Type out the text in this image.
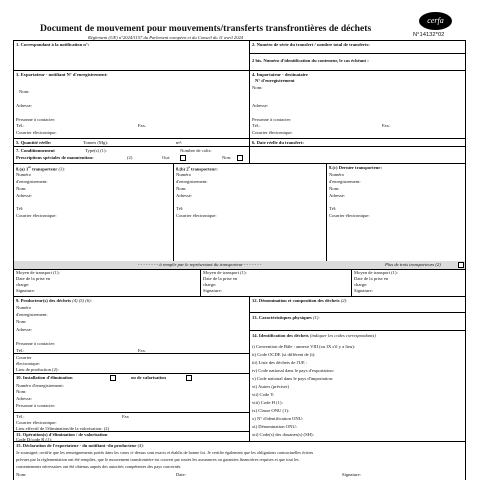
Document de mouvement pour mouvements/transferts transfrontières de déchets
Règlement (UE) n°2024/1157 du Parlement européen et du Conseil du 11 avril 2024
cerfa
N°14132*02
1. Correspondant à la notification n°:	2. Numéro de série du transfert / nombre total de transferts:
2 bis. Numéro d'identification du conteneur, le cas échéant :
3. Exportateur - notifiant N° d'enregistrement:
Nom:
Adresse:
Personne à contacter:
Tél.:	Fax.
Courrier électronique:
4. Importateur - destinataire
N° d'enregistrement
Nom:
Adresse:
Personne à contacter:
Tél.:	Fax.
Courrier électronique:
5. Quantité réelle:	Tonnes (Mg):	m³:	6. Date réelle du transfert:
7. Conditionnement	Type(s) (1):	Nombre de colis:
Prescriptions spéciales de manutention:	(2)	Oui:	Non:
8.(a) 1er transporteur (3):
Numéro
d'enregistrement:
Nom:
Adresse:
Tél:
Courrier électronique:
8.(b) 2e transporteur:
Numéro
d'enregistrement:
Nom:
Adresse:
Tél:
Courrier électronique:
8.(c) Dernier transporteur:
Numéro
d'enregistrement:
Nom:
Adresse:
Tél:
Courrier électronique:
- - - - - - - - à remplir par le représentant du transporteur - - - - - - -	Plus de trois transporteurs (2)
Moyen de transport (1):
Date de la prise en
charge:
Signature:
Moyen de transport (1):
Date de la prise en
charge:
Signature:
Moyen de transport (1):
Date de la prise en
charge:
Signature:
9. Producteur(s) des déchets (4) (5) (6):
Numéro
d'enregistrement:
Nom:
Adresse:
Personne à contacter:
Tél.:	Fax.
Courrier
électronique:
Lieu de production (2):
10. Installation d'élimination	ou de valorisation
Numéro d'enregistrement:
Nom:
Adresse:
Personne à contacter:
Tél.:	Fax
Courrier électronique:
Lieu effectif de l'élimination/de la valorisation: (2)
11. Opération(s) d'élimination / de valorisation
Code D/code R (1):
12. Dénomination et composition des déchets (2):
13. Caractéristiques physiques (1):
14. Identification des déchets (indiquer les codes correspondants)
i) Convention de Bâle : annexe VIII (ou IX s'il y a lieu):
ii) Code OCDE (si différent de (i):
iii) Liste des déchets de l'UE :
iv) Code national dans le pays d'exportation:
v) Code national dans le pays d'importation:
vi) Autres (préciser)
vii) Code Y:
viii) Code H (1):
ix) Classe ONU (1):
x) N° d'identification ONU:
xi) Dénomination ONU:
xii) Code(s) des douanes(s) (SH):
15. Déclaration de l'exportateur - du notifiant -du producteur (4):
Je soussigné, certifie que les renseignements portés dans les cases ci-dessus sont exacts et établis de bonne foi. Je certifie également que les obligations contractuelles écrites
prévues par la réglementation ont été remplies, que le mouvement transfrontière est couvert par toutes les assurances ou garanties financières requises et que tout les
consentements nécessaires ont été obtenus auprès des autorités compétentes des pays concernés.
Nom:	Date:	Signature:
